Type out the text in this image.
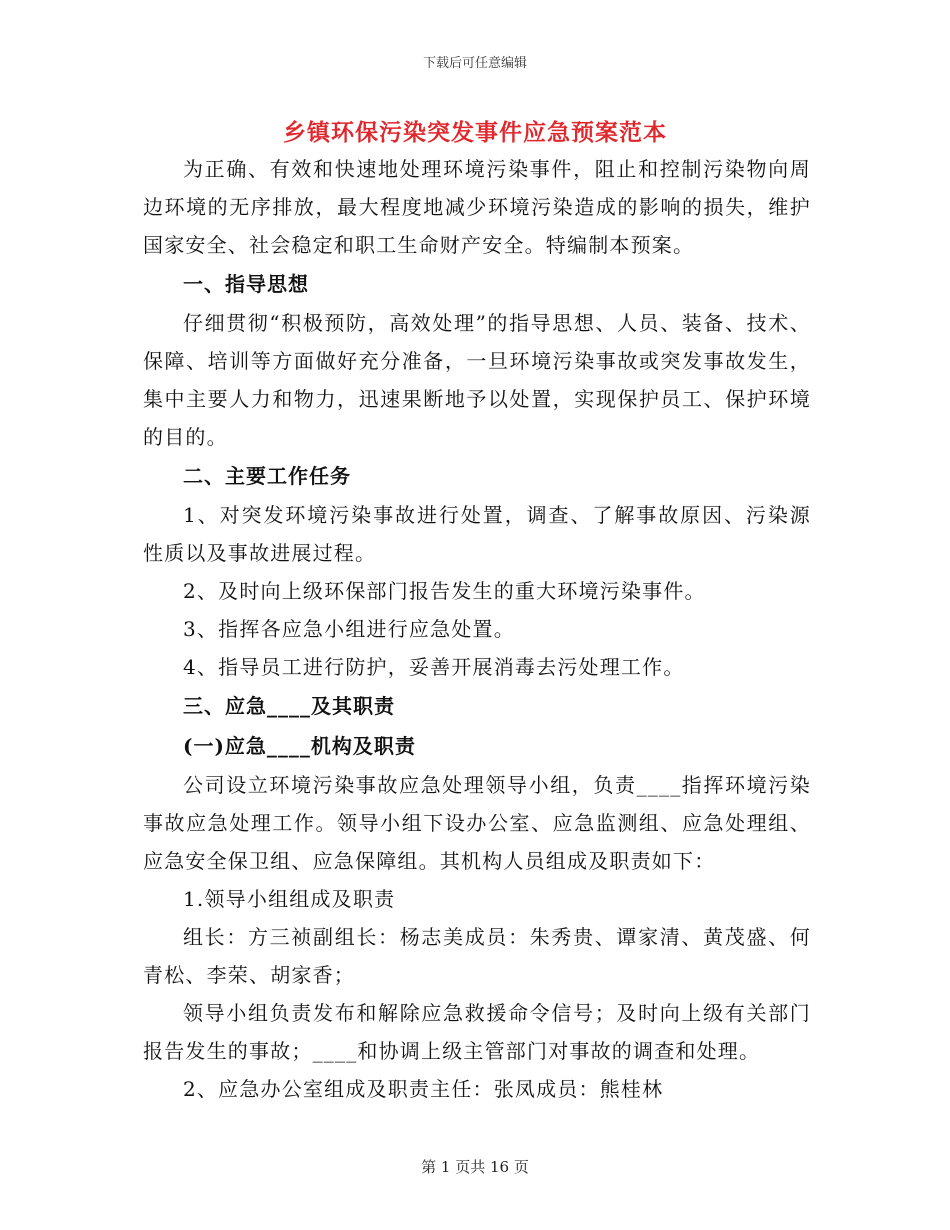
下载后可任意编辑
乡镇环保污染突发事件应急预案范本

为正确、有效和快速地处理环境污染事件，阻止和控制污染物向周边环境的无序排放，最大程度地减少环境污染造成的影响的损失，维护国家安全、社会稳定和职工生命财产安全。特编制本预案。

一、指导思想

仔细贯彻“积极预防，高效处理”的指导思想、人员、装备、技术、保障、培训等方面做好充分准备，一旦环境污染事故或突发事故发生，集中主要人力和物力，迅速果断地予以处置，实现保护员工、保护环境的目的。

二、主要工作任务

1、对突发环境污染事故进行处置，调查、了解事故原因、污染源性质以及事故进展过程。

2、及时向上级环保部门报告发生的重大环境污染事件。

3、指挥各应急小组进行应急处置。

4、指导员工进行防护，妥善开展消毒去污处理工作。

三、应急____及其职责

(一)应急____机构及职责

公司设立环境污染事故应急处理领导小组，负责____指挥环境污染事故应急处理工作。领导小组下设办公室、应急监测组、应急处理组、应急安全保卫组、应急保障组。其机构人员组成及职责如下：

1.领导小组组成及职责

组长：方三祯副组长：杨志美成员：朱秀贵、谭家清、黄茂盛、何青松、李荣、胡家香；

领导小组负责发布和解除应急救援命令信号；及时向上级有关部门报告发生的事故；____和协调上级主管部门对事故的调查和处理。

2、应急办公室组成及职责主任：张凤成员：熊桂林

第 1 页共 16 页
